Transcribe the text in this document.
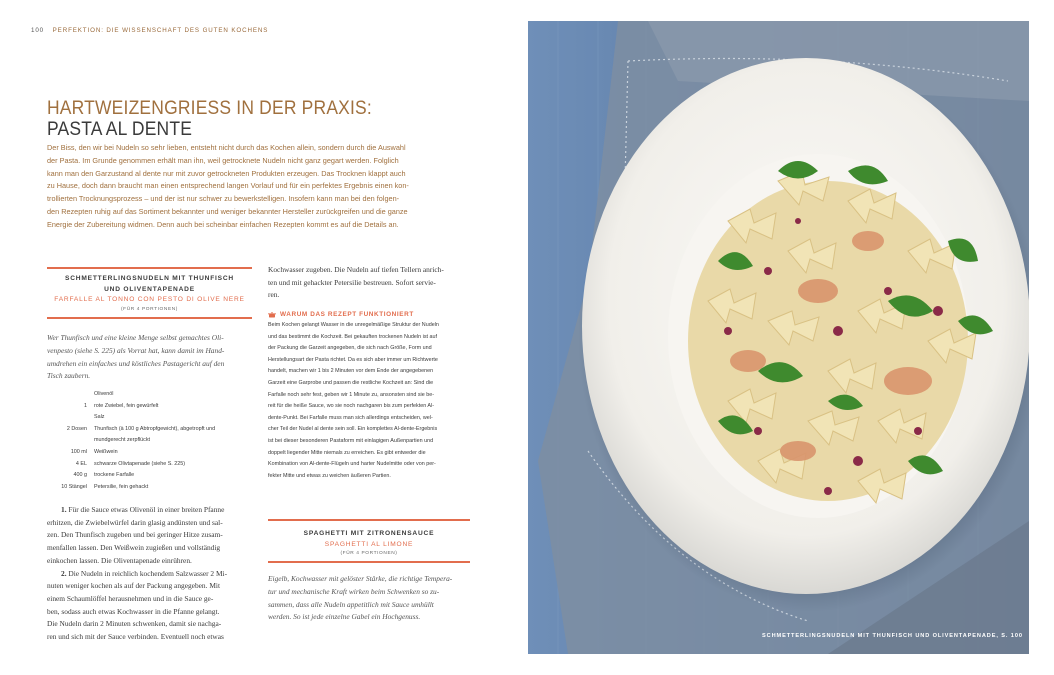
100 PERFEKTION: DIE WISSENSCHAFT DES GUTEN KOCHENS
HARTWEIZENGRIESS IN DER PRAXIS:
PASTA AL DENTE

Der Biss, den wir bei Nudeln so sehr lieben, entsteht nicht durch das Kochen allein, sondern durch die Auswahl

der Pasta. Im Grunde genommen erhält man ihn, weil getrocknete Nudeln nicht ganz gegart werden. Folglich

kann man den Garzustand al dente nur mit zuvor getrockneten Produkten erzeugen. Das Trocknen klappt auch

zu Hause, doch dann braucht man einen entsprechend langen Vorlauf und für ein perfektes Ergebnis einen kon-

trollierten Trocknungsprozess – und der ist nur schwer zu bewerkstelligen. Insofern kann man bei den folgen-

den Rezepten ruhig auf das Sortiment bekannter und weniger bekannter Hersteller zurückgreifen und die ganze

Energie der Zubereitung widmen. Denn auch bei scheinbar einfachen Rezepten kommt es auf die Details an.

SCHMETTERLINGSNUDELN MIT THUNFISCH
UND OLIVENTAPENADE
FARFALLE AL TONNO CON PESTO DI OLIVE NERE
(FÜR 4 PORTIONEN)
Wer Thunfisch und eine kleine Menge selbst gemachtes Oli-
venpesto (siehe S. 225) als Vorrat hat, kann damit im Hand-
umdrehen ein einfaches und köstliches Pastagericht auf den
Tisch zaubern.
Olivenöl
1	rote Zwiebel, fein gewürfelt
Salz
2 Dosen	Thunfisch (à 100 g Abtropfgewicht), abgetropft und
mundgerecht zerpflückt
100 ml	Weißwein
4 EL	schwarze Olivtapenade (siehe S. 225)
400 g	trockene Farfalle
10 Stängel	Petersilie, fein gehackt

1. Für die Sauce etwas Olivenöl in einer breiten Pfanne

erhitzen, die Zwiebelwürfel darin glasig andünsten und sal-

zen. Den Thunfisch zugeben und bei geringer Hitze zusam-

menfallen lassen. Den Weißwein zugießen und vollständig

einkochen lassen. Die Oliventapenade einrühren.

2. Die Nudeln in reichlich kochendem Salzwasser 2 Mi-

nuten weniger kochen als auf der Packung angegeben. Mit

einem Schaumlöffel herausnehmen und in die Sauce ge-

ben, sodass auch etwas Kochwasser in die Pfanne gelangt.

Die Nudeln darin 2 Minuten schwenken, damit sie nachga-

ren und sich mit der Sauce verbinden. Eventuell noch etwas

Kochwasser zugeben. Die Nudeln auf tiefen Tellern anrich-

ten und mit gehackter Petersilie bestreuen. Sofort servie-

ren.

WARUM DAS REZEPT FUNKTIONIERT
Beim Kochen gelangt Wasser in die unregelmäßige Struktur der Nudeln
und das bestimmt die Kochzeit. Bei gekauften trockenen Nudeln ist auf
der Packung die Garzeit angegeben, die sich nach Größe, Form und
Herstellungsart der Pasta richtet. Da es sich aber immer um Richtwerte
handelt, machen wir 1 bis 2 Minuten vor dem Ende der angegebenen
Garzeit eine Garprobe und passen die restliche Kochzeit an: Sind die
Farfalle noch sehr fest, geben wir 1 Minute zu, ansonsten sind sie be-
reit für die heiße Sauce, wo sie noch nachgaren bis zum perfekten Al-
dente-Punkt. Bei Farfalle muss man sich allerdings entscheiden, wel-
cher Teil der Nudel al dente sein soll. Ein komplettes Al-dente-Ergebnis
ist bei dieser besonderen Pastaform mit einlagigen Außenpartien und
doppelt liegender Mitte niemals zu erreichen. Es gibt entweder die
Kombination von Al-dente-Flügeln und harter Nudelmitte oder von per-
fekter Mitte und etwas zu weichen äußeren Partien.
SPAGHETTI MIT ZITRONENSAUCE
SPAGHETTI AL LIMONE
(FÜR 4 PORTIONEN)
Eigelb, Kochwasser mit gelöster Stärke, die richtige Tempera-
tur und mechanische Kraft wirken beim Schwenken so zu-
sammen, dass alle Nudeln appetitlich mit Sauce umhüllt
werden. So ist jede einzelne Gabel ein Hochgenuss.
SCHMETTERLINGSNUDELN MIT THUNFISCH UND OLIVENTAPENADE, S. 100
